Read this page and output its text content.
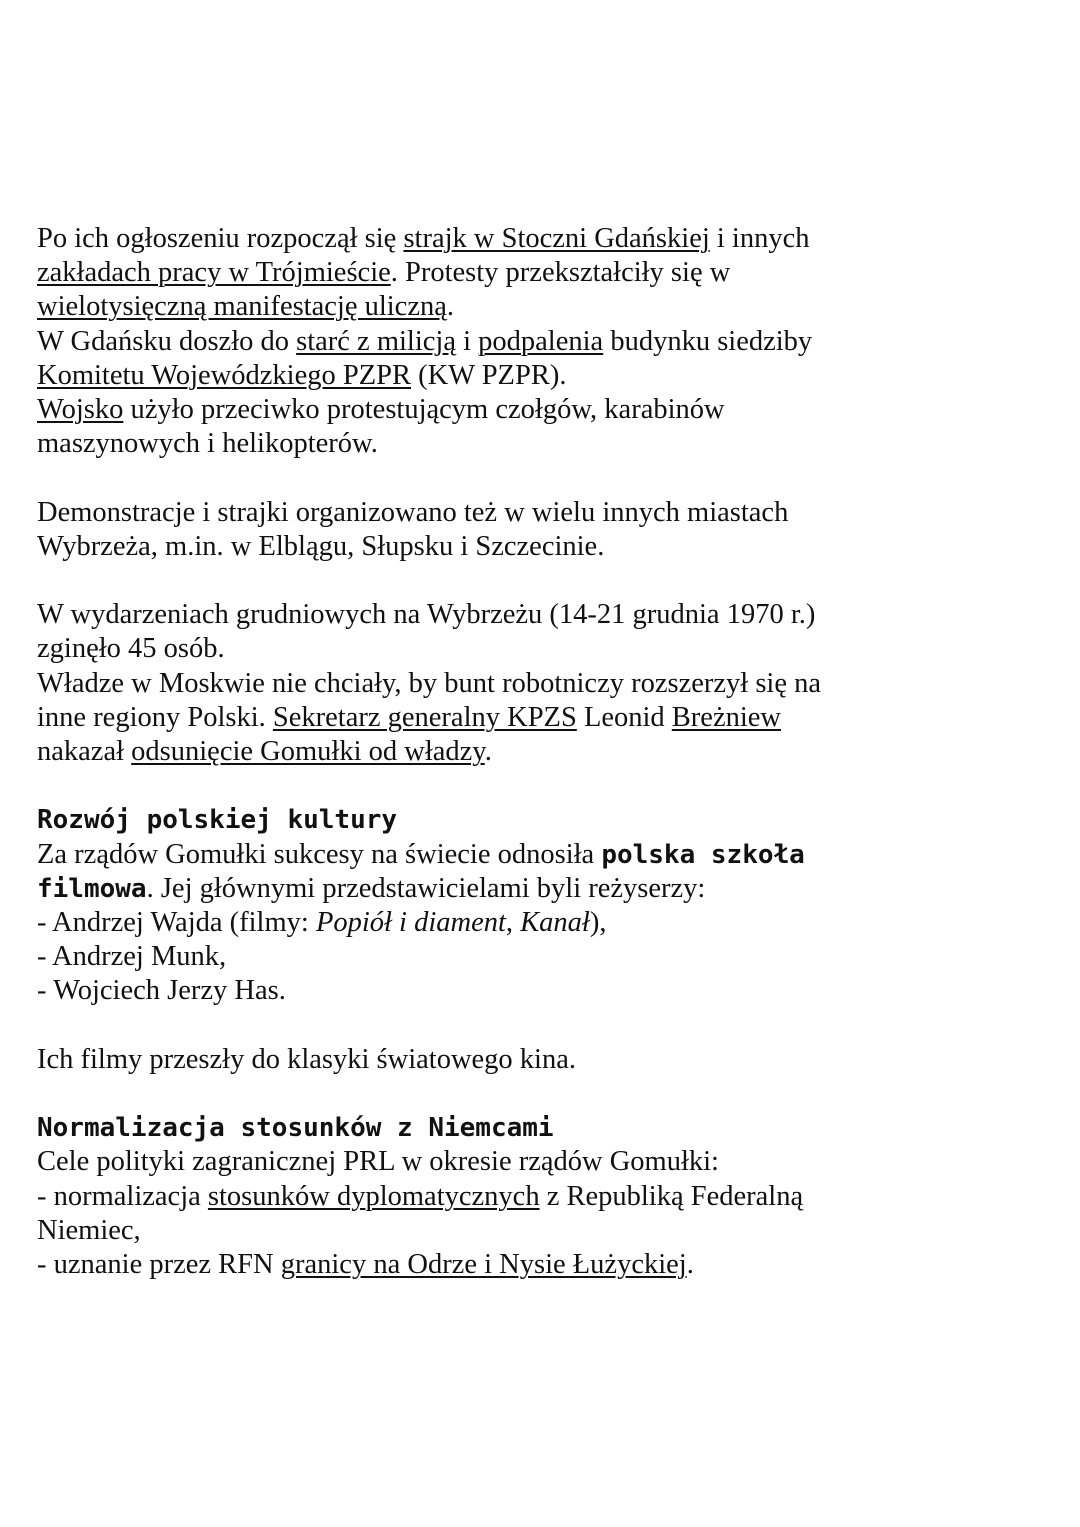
Po ich ogłoszeniu rozpoczął się strajk w Stoczni Gdańskiej i innych
zakładach pracy w Trójmieście. Protesty przekształciły się w
wielotysięczną manifestację uliczną.
W Gdańsku doszło do starć z milicją i podpalenia budynku siedziby
Komitetu Wojewódzkiego PZPR (KW PZPR).
Wojsko użyło przeciwko protestującym czołgów, karabinów
maszynowych i helikopterów.
Demonstracje i strajki organizowano też w wielu innych miastach
Wybrzeża, m.in. w Elblągu, Słupsku i Szczecinie.
W wydarzeniach grudniowych na Wybrzeżu (14-21 grudnia 1970 r.)
zginęło 45 osób.
Władze w Moskwie nie chciały, by bunt robotniczy rozszerzył się na
inne regiony Polski. Sekretarz generalny KPZS Leonid Breżniew
nakazał odsunięcie Gomułki od władzy.
Rozwój polskiej kultury
Za rządów Gomułki sukcesy na świecie odnosiła polska szkoła
filmowa. Jej głównymi przedstawicielami byli reżyserzy:
- Andrzej Wajda (filmy: Popiół i diament, Kanał),
- Andrzej Munk,
- Wojciech Jerzy Has.
Ich filmy przeszły do klasyki światowego kina.
Normalizacja stosunków z Niemcami
Cele polityki zagranicznej PRL w okresie rządów Gomułki:
- normalizacja stosunków dyplomatycznych z Republiką Federalną
Niemiec,
- uznanie przez RFN granicy na Odrze i Nysie Łużyckiej.
